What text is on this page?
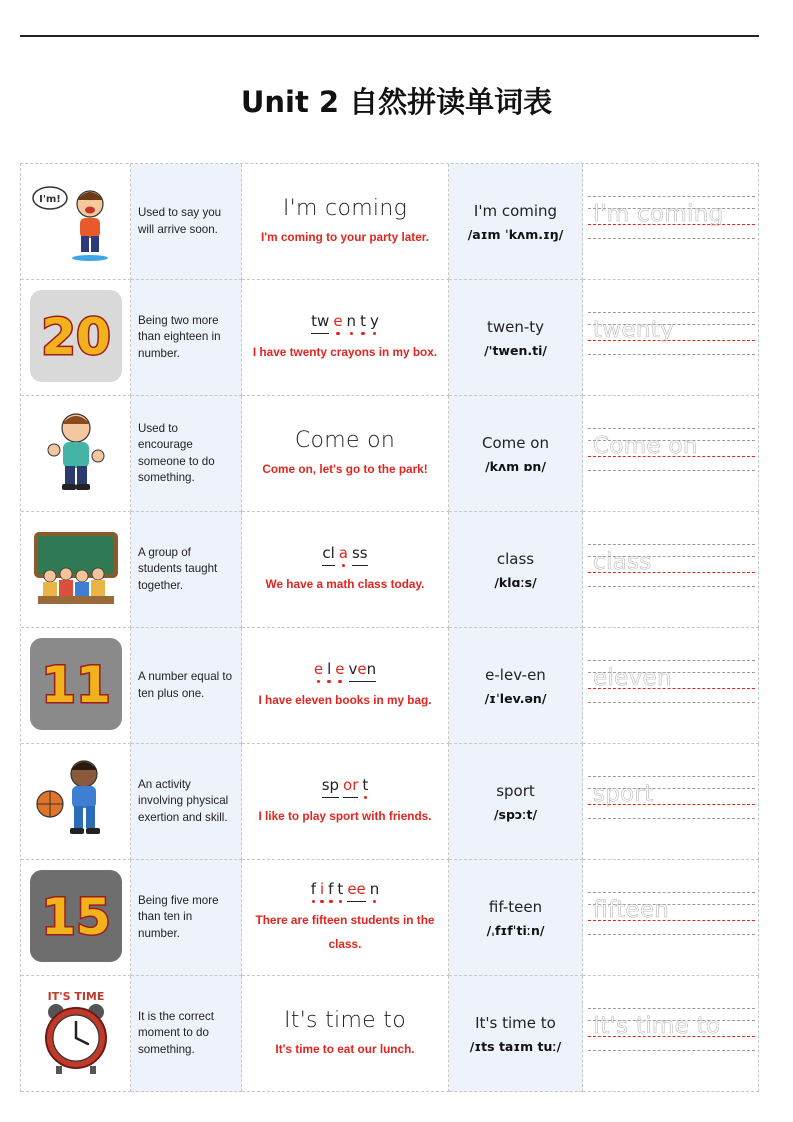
Unit 2 自然拼读单词表
I'm!
Used to say you will arrive soon.
I'm coming
I'm coming to your party later.
I'm coming
/aɪm ˈkʌm.ɪŋ/
I'm coming
20 Being two more than eighteen in number.
tw e n t y
I have twenty crayons in my box.
twen-ty
/'twen.ti/
twenty
Used to encourage someone to do something.
Come on
Come on, let's go to the park!
Come on
/kʌm ɒn/
Come on
A group of students taught together.
cl a ss
We have a math class today.
class
/klɑːs/
class
11 A number equal to ten plus one.
e l e ven
I have eleven books in my bag.
e-lev-en
/ɪˈlev.ən/
eleven
An activity involving physical exertion and skill.
sp or t
I like to play sport with friends.
sport
/spɔːt/
sport
15 Being five more than ten in number.
f i f t ee n
There are fifteen students in the class.
fif-teen
/ˌfɪfˈtiːn/
fifteen
IT'S TIME
It is the correct moment to do something.
It's time to
It's time to eat our lunch.
It's time to
/ɪts taɪm tuː/
It's time to
